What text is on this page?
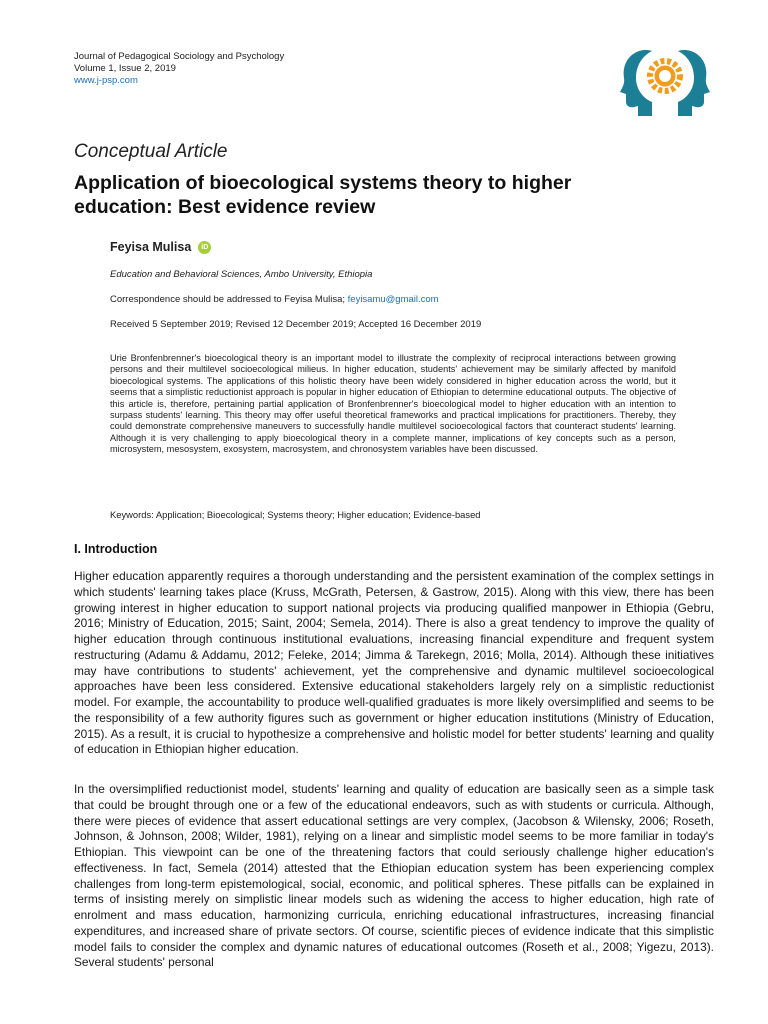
Journal of Pedagogical Sociology and Psychology
Volume 1, Issue 2, 2019
www.j-psp.com
Conceptual Article
Application of bioecological systems theory to higher education: Best evidence review
Feyisa Mulisa	iD
Education and Behavioral Sciences, Ambo University, Ethiopia
Correspondence should be addressed to Feyisa Mulisa; feyisamu@gmail.com
Received 5 September 2019; Revised 12 December 2019; Accepted 16 December 2019

Urie Bronfenbrenner's bioecological theory is an important model to illustrate the complexity of reciprocal interactions between growing persons and their multilevel socioecological milieus. In higher education, students' achievement may be similarly affected by manifold bioecological systems. The applications of this holistic theory have been widely considered in higher education across the world, but it seems that a simplistic reductionist approach is popular in higher education of Ethiopian to determine educational outputs. The objective of this article is, therefore, pertaining partial application of Bronfenbrenner's bioecological model to higher education with an intention to surpass students' learning. This theory may offer useful theoretical frameworks and practical implications for practitioners. Thereby, they could demonstrate comprehensive maneuvers to successfully handle multilevel socioecological factors that counteract students' learning. Although it is very challenging to apply bioecological theory in a complete manner, implications of key concepts such as a person, microsystem, mesosystem, exosystem, macrosystem, and chronosystem variables have been discussed.

Keywords: Application; Bioecological; Systems theory; Higher education; Evidence-based
I. Introduction

Higher education apparently requires a thorough understanding and the persistent examination of the complex settings in which students' learning takes place (Kruss, McGrath, Petersen, & Gastrow, 2015). Along with this view, there has been growing interest in higher education to support national projects via producing qualified manpower in Ethiopia (Gebru, 2016; Ministry of Education, 2015; Saint, 2004; Semela, 2014). There is also a great tendency to improve the quality of higher education through continuous institutional evaluations, increasing financial expenditure and frequent system restructuring (Adamu & Addamu, 2012; Feleke, 2014; Jimma & Tarekegn, 2016; Molla, 2014). Although these initiatives may have contributions to students' achievement, yet the comprehensive and dynamic multilevel socioecological approaches have been less considered. Extensive educational stakeholders largely rely on a simplistic reductionist model. For example, the accountability to produce well-qualified graduates is more likely oversimplified and seems to be the responsibility of a few authority figures such as government or higher education institutions (Ministry of Education, 2015). As a result, it is crucial to hypothesize a comprehensive and holistic model for better students' learning and quality of education in Ethiopian higher education.

In the oversimplified reductionist model, students' learning and quality of education are basically seen as a simple task that could be brought through one or a few of the educational endeavors, such as with students or curricula. Although, there were pieces of evidence that assert educational settings are very complex, (Jacobson & Wilensky, 2006; Roseth, Johnson, & Johnson, 2008; Wilder, 1981), relying on a linear and simplistic model seems to be more familiar in today's Ethiopian. This viewpoint can be one of the threatening factors that could seriously challenge higher education's effectiveness. In fact, Semela (2014) attested that the Ethiopian education system has been experiencing complex challenges from long-term epistemological, social, economic, and political spheres. These pitfalls can be explained in terms of insisting merely on simplistic linear models such as widening the access to higher education, high rate of enrolment and mass education, harmonizing curricula, enriching educational infrastructures, increasing financial expenditures, and increased share of private sectors. Of course, scientific pieces of evidence indicate that this simplistic model fails to consider the complex and dynamic natures of educational outcomes (Roseth et al., 2008; Yigezu, 2013). Several students' personal
